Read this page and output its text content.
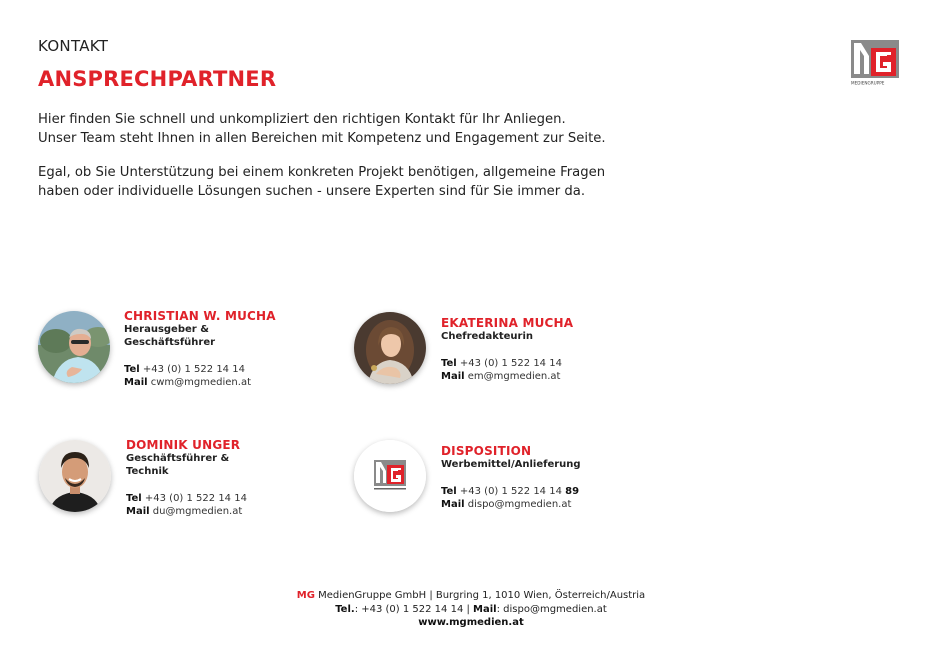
KONTAKT
ANSPRECHPARTNER
Hier finden Sie schnell und unkompliziert den richtigen Kontakt für Ihr Anliegen.
Unser Team steht Ihnen in allen Bereichen mit Kompetenz und Engagement zur Seite.
Egal, ob Sie Unterstützung bei einem konkreten Projekt benötigen, allgemeine Fragen
haben oder individuelle Lösungen suchen - unsere Experten sind für Sie immer da.
MEDIENGRUPPE
CHRISTIAN W. MUCHA
Herausgeber &
Geschäftsführer
Tel +43 (0) 1 522 14 14
Mail cwm@mgmedien.at
EKATERINA MUCHA
Chefredakteurin
Tel +43 (0) 1 522 14 14
Mail em@mgmedien.at
DOMINIK UNGER
Geschäftsführer &
Technik
Tel +43 (0) 1 522 14 14
Mail du@mgmedien.at
DISPOSITION
Werbemittel/Anlieferung
Tel +43 (0) 1 522 14 14 89
Mail dispo@mgmedien.at
MG MedienGruppe GmbH | Burgring 1, 1010 Wien, Österreich/Austria
Tel.: +43 (0) 1 522 14 14 | Mail: dispo@mgmedien.at
www.mgmedien.at
